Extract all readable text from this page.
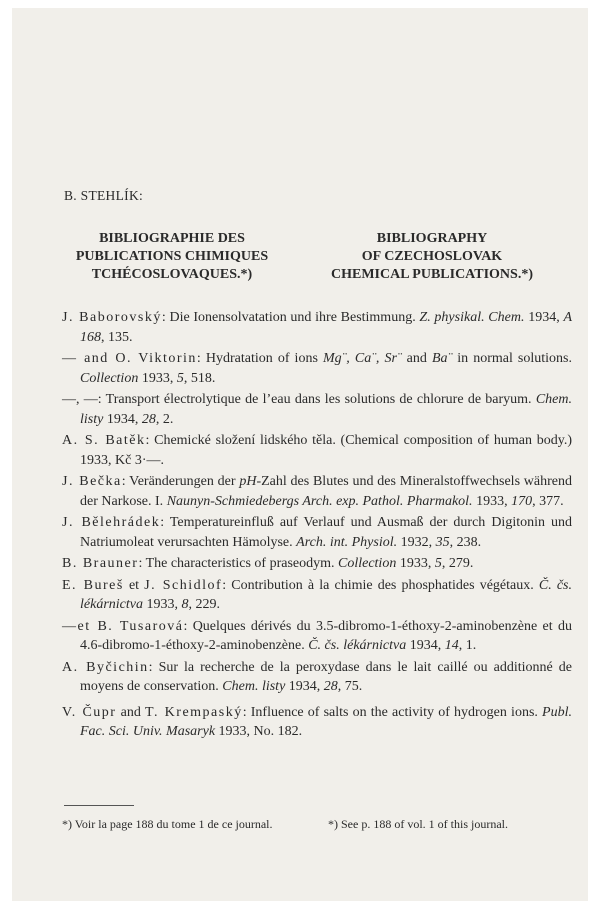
B. STEHLÍK:
BIBLIOGRAPHIE DES
PUBLICATIONS CHIMIQUES
TCHÉCOSLOVAQUES.*)
BIBLIOGRAPHY
OF CZECHOSLOVAK
CHEMICAL PUBLICATIONS.*)

J. Baborovský: Die Ionensolvatation und ihre Bestimmung. Z. physikal. Chem. 1934, A 168, 135.

— and O. Viktorin: Hydratation of ions Mg¨, Ca¨, Sr¨ and Ba¨ in normal solutions. Collection 1933, 5, 518.

—, —: Transport électrolytique de l’eau dans les solutions de chlorure de baryum. Chem. listy 1934, 28, 2.

A. S. Batěk: Chemické složení lidského těla. (Chemical composition of human body.) 1933, Kč 3·—.

J. Bečka: Veränderungen der pH-Zahl des Blutes und des Mineralstoffwechsels während der Narkose. I. Naunyn-Schmiedebergs Arch. exp. Pathol. Pharmakol. 1933, 170, 377.

J. Bělehrádek: Temperatureinfluß auf Verlauf und Ausmaß der durch Digitonin und Natriumoleat verursachten Hämolyse. Arch. int. Physiol. 1932, 35, 238.

B. Brauner: The characteristics of praseodym. Collection 1933, 5, 279.

E. Bureš et J. Schidlof: Contribution à la chimie des phosphatides végétaux. Č. čs. lékárnictva 1933, 8, 229.

—et B. Tusarová: Quelques dérivés du 3.5-dibromo-1-éthoxy-2-aminobenzène et du 4.6-dibromo-1-éthoxy-2-aminobenzène. Č. čs. lékárnictva 1934, 14, 1.

A. Byčichin: Sur la recherche de la peroxydase dans le lait caillé ou additionné de moyens de conservation. Chem. listy 1934, 28, 75.

V. Čupr and T. Krempaský: Influence of salts on the activity of hydrogen ions. Publ. Fac. Sci. Univ. Masaryk 1933, No. 182.

*) Voir la page 188 du tome 1 de ce journal.	*) See p. 188 of vol. 1 of this journal.
